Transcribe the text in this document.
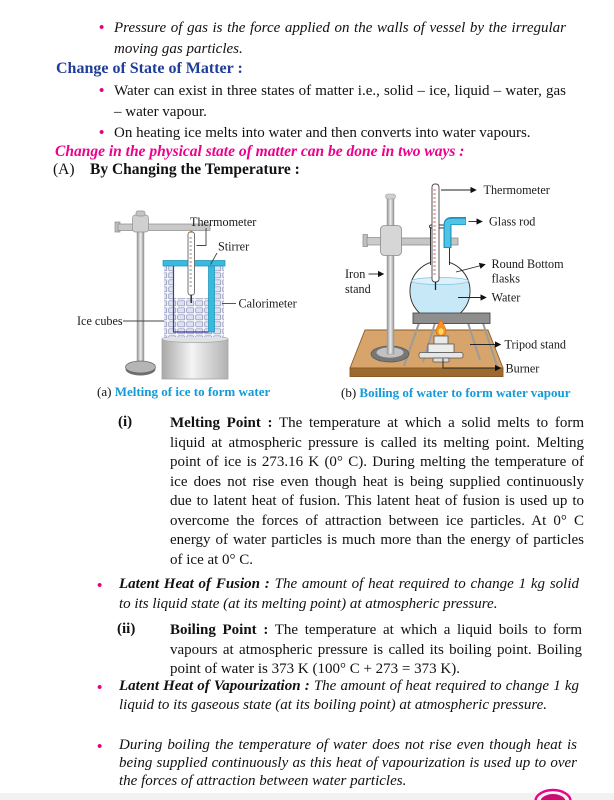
• Pressure of gas is the force applied on the walls of vessel by the irregular moving gas particles.
Change of State of Matter :
• Water can exist in three states of matter i.e., solid – ice, liquid – water, gas – water vapour.
• On heating ice melts into water and then converts into water vapours.
Change in the physical state of matter can be done in two ways :
(A) By Changing the Temperature :
Thermometer
Stirrer
Calorimeter
Ice cubes
Thermometer
Glass rod
Iron
stand
Round Bottom
flasks
Water
Tripod stand
Burner
(a) Melting of ice to form water	(b) Boiling of water to form water vapour
(i)	Melting Point : The temperature at which a solid melts to form liquid at atmospheric pressure is called its melting point. Melting point of ice is 273.16 K (0° C). During melting the temperature of ice does not rise even though heat is being supplied continuously due to latent heat of fusion. This latent heat of fusion is used up to overcome the forces of attraction between ice particles. At 0° C energy of water particles is much more than the energy of particles of ice at 0° C.
• Latent Heat of Fusion : The amount of heat required to change 1 kg solid to its liquid state (at its melting point) at atmospheric pressure.
(ii) Boiling Point : The temperature at which a liquid boils to form vapours at atmospheric pressure is called its boiling point. Boiling point of water is 373 K (100° C + 273 = 373 K).
• Latent Heat of Vapourization : The amount of heat required to change 1 kg liquid to its gaseous state (at its boiling point) at atmospheric pressure.
• During boiling the temperature of water does not rise even though heat is being supplied continuously as this heat of vapourization is used up to over the forces of attraction between water particles.
